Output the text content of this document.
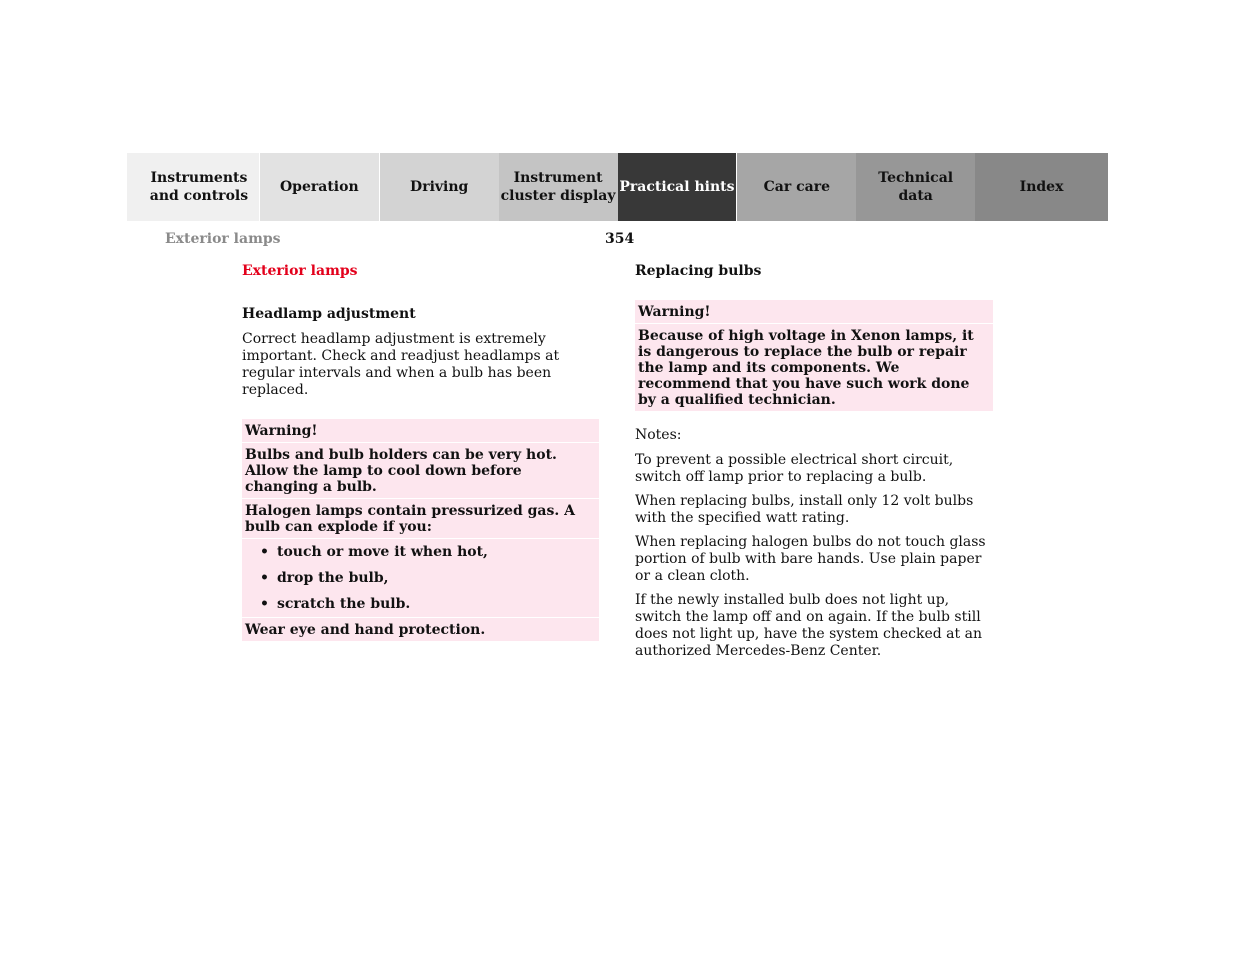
Instruments
and controls
Operation	Driving
Instrument
cluster display
Practical hints Car care
Technical
data
Index
Exterior lamps	354
Exterior lamps
Headlamp adjustment

Correct headlamp adjustment is extremely important. Check and readjust headlamps at regular intervals and when a bulb has been replaced.

Warning!
Bulbs and bulb holders can be very hot. Allow the lamp to cool down before changing a bulb.
Halogen lamps contain pressurized gas. A bulb can explode if you:
• touch or move it when hot,
• drop the bulb,
• scratch the bulb.
Wear eye and hand protection.
Replacing bulbs
Warning!
Because of high voltage in Xenon lamps, it is dangerous to replace the bulb or repair the lamp and its components. We recommend that you have such work done by a qualified technician.

Notes:

To prevent a possible electrical short circuit, switch off lamp prior to replacing a bulb.

When replacing bulbs, install only 12 volt bulbs with the specified watt rating.

When replacing halogen bulbs do not touch glass portion of bulb with bare hands. Use plain paper or a clean cloth.

If the newly installed bulb does not light up, switch the lamp off and on again. If the bulb still does not light up, have the system checked at an authorized Mercedes-Benz Center.
